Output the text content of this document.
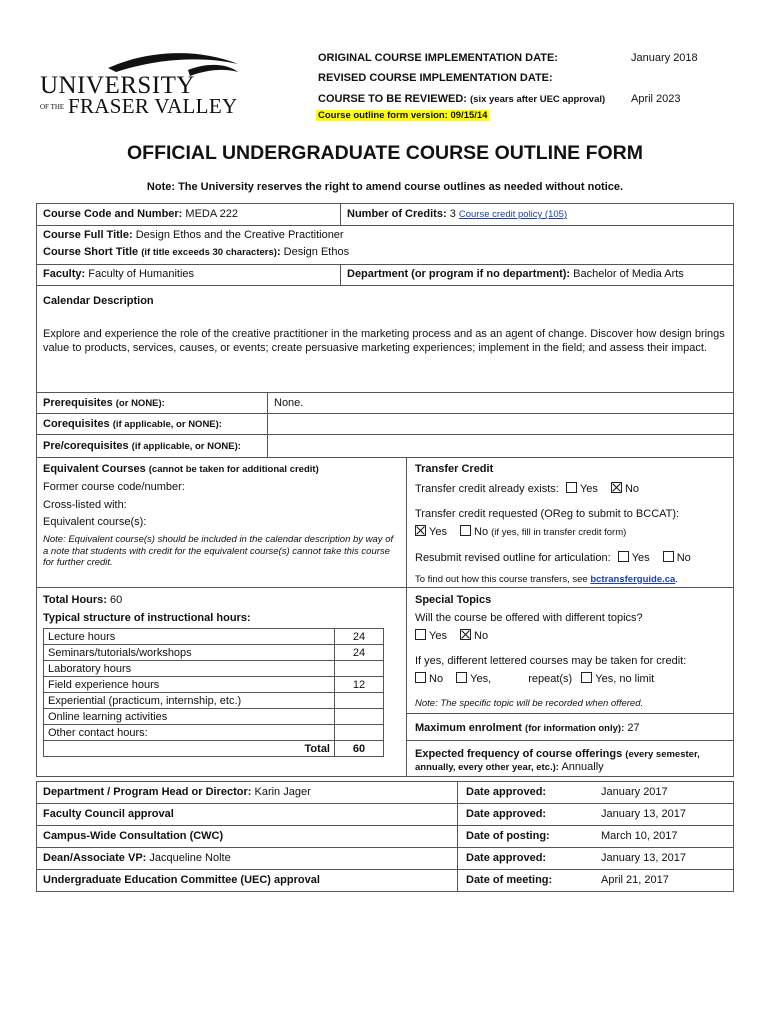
UNIVERSITY
OF THE FRASER VALLEY
ORIGINAL COURSE IMPLEMENTATION DATE:	January 2018
REVISED COURSE IMPLEMENTATION DATE:
COURSE TO BE REVIEWED: (six years after UEC approval) April 2023
Course outline form version: 09/15/14
OFFICIAL UNDERGRADUATE COURSE OUTLINE FORM
Note: The University reserves the right to amend course outlines as needed without notice.
Course Code and Number: MEDA 222	Number of Credits: 3 Course credit policy (105)
Course Full Title: Design Ethos and the Creative Practitioner
Course Short Title (if title exceeds 30 characters): Design Ethos
Faculty: Faculty of Humanities	Department (or program if no department): Bachelor of Media Arts
Calendar Description
Explore and experience the role of the creative practitioner in the marketing process and as an agent of change. Discover how design brings value to products, services, causes, or events; create persuasive marketing experiences; implement in the field; and assess their impact.
Prerequisites (or NONE):	None.
Corequisites (if applicable, or NONE):
Pre/corequisites (if applicable, or NONE):
Equivalent Courses (cannot be taken for additional credit)
Former course code/number:
Cross-listed with:
Equivalent course(s):
Note: Equivalent course(s) should be included in the calendar description by way of a note that students with credit for the equivalent course(s) cannot take this course for further credit.
Transfer Credit
Transfer credit already exists: Yes No
Transfer credit requested (OReg to submit to BCCAT):
Yes No (if yes, fill in transfer credit form)
Resubmit revised outline for articulation: Yes No
To find out how this course transfers, see bctransferguide.ca.
Total Hours: 60
Typical structure of instructional hours:
Lecture hours	24
Seminars/tutorials/workshops	24
Laboratory hours	
Field experience hours	12
Experiential (practicum, internship, etc.)	
Online learning activities	
Other contact hours:	
Total	60
Special Topics
Will the course be offered with different topics?
Yes No
If yes, different lettered courses may be taken for credit:
No Yes,	repeat(s) Yes, no limit
Note: The specific topic will be recorded when offered.
Maximum enrolment (for information only): 27
Expected frequency of course offerings (every semester, annually, every other year, etc.): Annually
Department / Program Head or Director: Karin Jager	Date approved:	January 2017
Faculty Council approval	Date approved:	January 13, 2017
Campus-Wide Consultation (CWC)	Date of posting:	March 10, 2017
Dean/Associate VP: Jacqueline Nolte	Date approved:	January 13, 2017
Undergraduate Education Committee (UEC) approval	Date of meeting:	April 21, 2017
